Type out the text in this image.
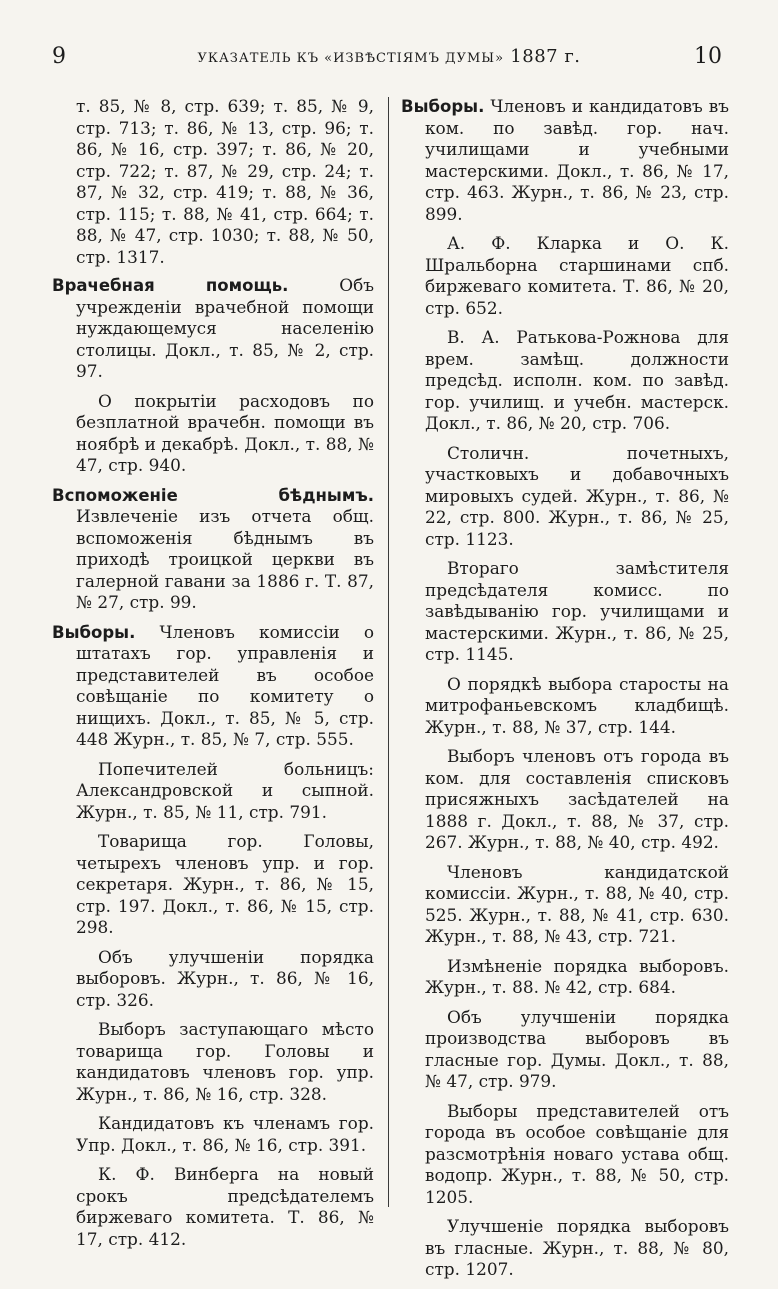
9	УКАЗАТЕЛЬ КЪ «ИЗВѢСТІЯМЪ ДУМЫ» 1887 г.	10
т. 85, № 8, стр. 639; т. 85, № 9, стр. 713; т. 86, № 13, стр. 96; т. 86, № 16, стр. 397; т. 86, № 20, стр. 722; т. 87, № 29, стр. 24; т. 87, № 32, стр. 419; т. 88, № 36, стр. 115; т. 88, № 41, стр. 664; т. 88, № 47, стр. 1030; т. 88, № 50, стр. 1317.
Врачебная помощь.	Объ учрежденіи врачебной помощи нуждающемуся населенію столицы. Докл., т. 85, № 2, стр. 97.
О покрытіи расходовъ по безплатной врачебн. помощи въ ноябрѣ и декабрѣ. Докл., т. 88, № 47, стр. 940.
Вспоможеніе бѣднымъ. Извлеченіе изъ отчета общ. вспоможенія бѣднымъ въ приходѣ троицкой церкви въ галерной гавани за 1886 г. Т. 87, № 27, стр. 99.
Выборы. Членовъ комиссіи о штатахъ гор. управленія и представителей въ особое совѣщаніе по комитету о нищихъ. Докл., т. 85, № 5, стр. 448 Журн., т. 85, № 7, стр. 555.
Попечителей больницъ: Александровской и сыпной. Журн., т. 85, № 11, стр. 791.
Товарища гор. Головы, четырехъ членовъ упр. и гор. секретаря. Журн., т. 86, № 15, стр. 197. Докл., т. 86, № 15, стр. 298.
Объ улучшеніи порядка выборовъ. Журн., т. 86, № 16, стр. 326.
Выборъ заступающаго мѣсто товарища гор. Головы и кандидатовъ членовъ гор. упр. Журн., т. 86, № 16, стр. 328.
Кандидатовъ къ членамъ гор. Упр. Докл., т. 86, № 16, стр. 391.
К. Ф. Винберга на новый срокъ предсѣдателемъ биржеваго комитета. Т. 86, № 17, стр. 412.
Выборы. Членовъ и кандидатовъ въ ком. по завѣд. гор. нач. училищами и учебными мастерскими. Докл., т. 86, № 17, стр. 463. Журн., т. 86, № 23, стр. 899.
А. Ф. Кларка и О. К. Шральборна старшинами спб. биржеваго комитета. Т. 86, № 20, стр. 652.
В. А. Ратькова-Рожнова для врем. замѣщ. должности предсѣд. исполн. ком. по завѣд. гор. училищ. и учебн. мастерск. Докл., т. 86, № 20, стр. 706.
Столичн. почетныхъ, участковыхъ и добавочныхъ мировыхъ судей. Журн., т. 86, № 22, стр. 800. Журн., т. 86, № 25, стр. 1123.
Втораго замѣстителя предсѣдателя комисс. по завѣдыванію гор. училищами и мастерскими. Журн., т. 86, № 25, стр. 1145.
О порядкѣ выбора старосты на митрофаньевскомъ кладбищѣ. Журн., т. 88, № 37, стр. 144.
Выборъ членовъ отъ города въ ком. для составленія списковъ присяжныхъ засѣдателей на 1888 г. Докл., т. 88, № 37, стр. 267. Журн., т. 88, № 40, стр. 492.
Членовъ кандидатской комиссіи. Журн., т. 88, № 40, стр. 525. Журн., т. 88, № 41, стр. 630. Журн., т. 88, № 43, стр. 721.
Измѣненіе порядка выборовъ. Журн., т. 88. № 42, стр. 684.
Объ улучшеніи порядка производства выборовъ въ гласные гор. Думы. Докл., т. 88, № 47, стр. 979.
Выборы представителей отъ города въ особое совѣщаніе для разсмотрѣнія новаго устава общ. водопр. Журн., т. 88, № 50, стр. 1205.
Улучшеніе порядка выборовъ въ гласные. Журн., т. 88, № 80, стр. 1207.
